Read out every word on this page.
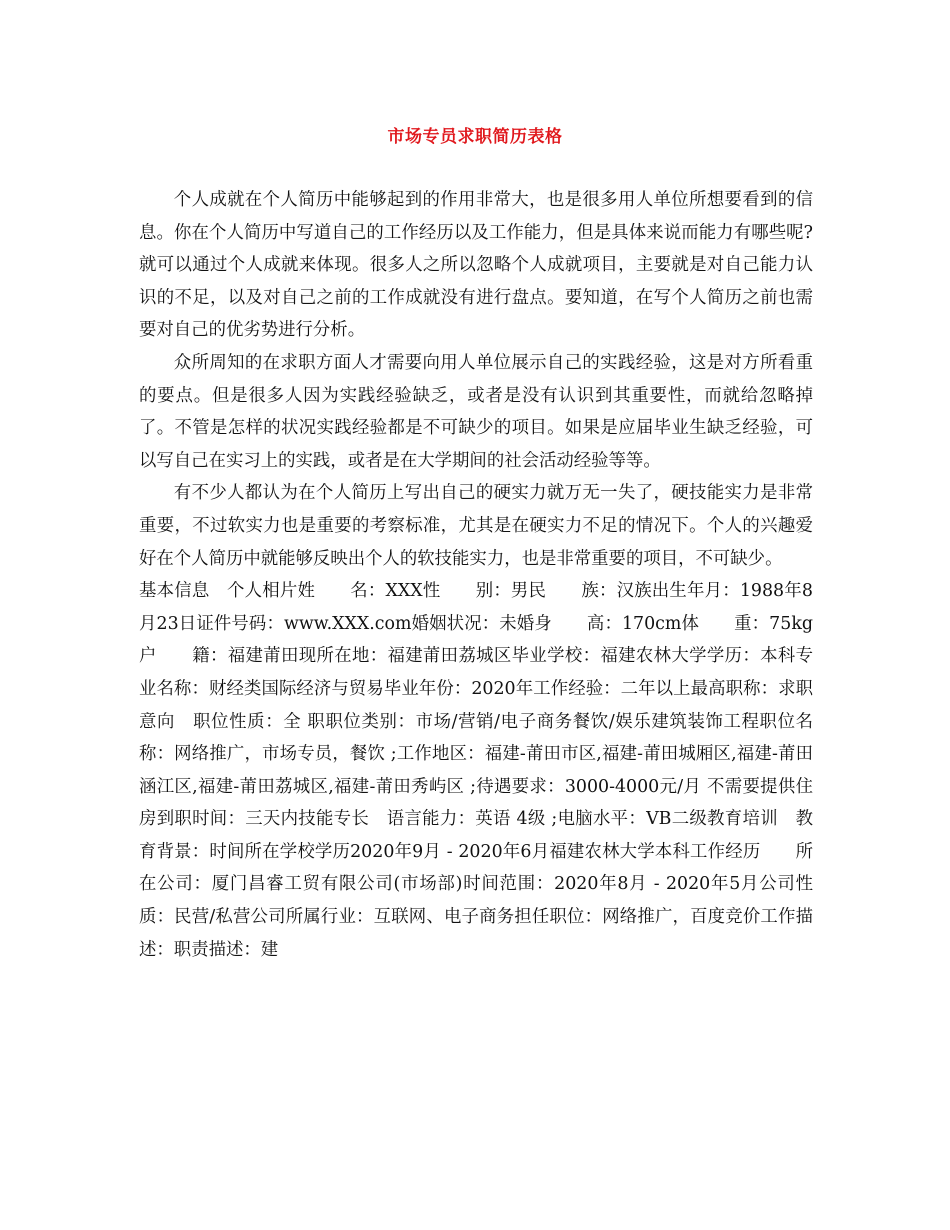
市场专员求职简历表格

个人成就在个人简历中能够起到的作用非常大，也是很多用人单位所想要看到的信息。你在个人简历中写道自己的工作经历以及工作能力，但是具体来说而能力有哪些呢?就可以通过个人成就来体现。很多人之所以忽略个人成就项目，主要就是对自己能力认识的不足，以及对自己之前的工作成就没有进行盘点。要知道，在写个人简历之前也需要对自己的优劣势进行分析。

众所周知的在求职方面人才需要向用人单位展示自己的实践经验，这是对方所看重的要点。但是很多人因为实践经验缺乏，或者是没有认识到其重要性，而就给忽略掉了。不管是怎样的状况实践经验都是不可缺少的项目。如果是应届毕业生缺乏经验，可以写自己在实习上的实践，或者是在大学期间的社会活动经验等等。

有不少人都认为在个人简历上写出自己的硬实力就万无一失了，硬技能实力是非常重要，不过软实力也是重要的考察标准，尤其是在硬实力不足的情况下。个人的兴趣爱好在个人简历中就能够反映出个人的软技能实力，也是非常重要的项目，不可缺少。

基本信息　个人相片姓　　名：XXX性　　别：男民　　族：汉族出生年月：1988年8月23日证件号码：www.XXX.com婚姻状况：未婚身　　高：170cm体　　重：75kg户　　籍：福建莆田现所在地：福建莆田荔城区毕业学校：福建农林大学学历：本科专业名称：财经类国际经济与贸易毕业年份：2020年工作经验：二年以上最高职称：求职意向　职位性质：全 职职位类别：市场/营销/电子商务餐饮/娱乐建筑装饰工程职位名称：网络推广，市场专员，餐饮 ;工作地区：福建-莆田市区,福建-莆田城厢区,福建-莆田涵江区,福建-莆田荔城区,福建-莆田秀屿区 ;待遇要求：3000-4000元/月 不需要提供住房到职时间：三天内技能专长　语言能力：英语 4级 ;电脑水平：VB二级教育培训　教育背景：时间所在学校学历2020年9月 - 2020年6月福建农林大学本科工作经历　　所在公司：厦门昌睿工贸有限公司(市场部)时间范围：2020年8月 - 2020年5月公司性质：民营/私营公司所属行业：互联网、电子商务担任职位：网络推广，百度竞价工作描述：职责描述：建
